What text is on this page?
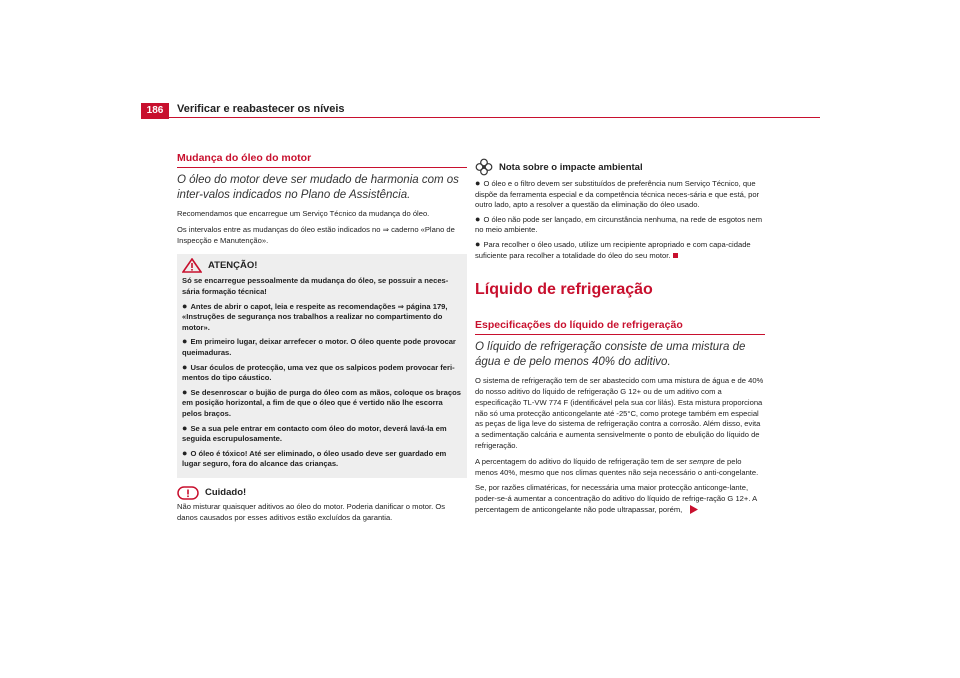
186	Verificar e reabastecer os níveis
Mudança do óleo do motor

O óleo do motor deve ser mudado de harmonia com os inter-valos indicados no Plano de Assistência.

Recomendamos que encarregue um Serviço Técnico da mudança do óleo.

Os intervalos entre as mudanças do óleo estão indicados no ⇒ caderno «Plano de Inspecção e Manutenção».

ATENÇÃO!

Só se encarregue pessoalmente da mudança do óleo, se possuir a neces-sária formação técnica!

● Antes de abrir o capot, leia e respeite as recomendações ⇒ página 179, «Instruções de segurança nos trabalhos a realizar no compartimento do motor».
● Em primeiro lugar, deixar arrefecer o motor. O óleo quente pode provocar queimaduras.
● Usar óculos de protecção, uma vez que os salpicos podem provocar feri-mentos do tipo cáustico.
● Se desenroscar o bujão de purga do óleo com as mãos, coloque os braços em posição horizontal, a fim de que o óleo que é vertido não lhe escorra pelos braços.
● Se a sua pele entrar em contacto com óleo do motor, deverá lavá-la em seguida escrupulosamente.
● O óleo é tóxico! Até ser eliminado, o óleo usado deve ser guardado em lugar seguro, fora do alcance das crianças.
Cuidado!

Não misturar quaisquer aditivos ao óleo do motor. Poderia danificar o motor. Os danos causados por esses aditivos estão excluídos da garantia.

Nota sobre o impacte ambiental
● O óleo e o filtro devem ser substituídos de preferência num Serviço Técnico, que dispõe da ferramenta especial e da competência técnica neces-sária e que está, por outro lado, apto a resolver a questão da eliminação do óleo usado.
● O óleo não pode ser lançado, em circunstância nenhuma, na rede de esgotos nem no meio ambiente.
● Para recolher o óleo usado, utilize um recipiente apropriado e com capa-cidade suficiente para recolher a totalidade do óleo do seu motor.
Líquido de refrigeração
Especificações do líquido de refrigeração

O líquido de refrigeração consiste de uma mistura de água e de pelo menos 40% do aditivo.

O sistema de refrigeração tem de ser abastecido com uma mistura de água e de 40% do nosso aditivo do líquido de refrigeração G 12+ ou de um aditivo com a especificação TL-VW 774 F (identificável pela sua cor lilás). Esta mistura proporciona não só uma protecção anticongelante até -25°C, como protege também em especial as peças de liga leve do sistema de refrigeração contra a corrosão. Além disso, evita a sedimentação calcária e aumenta sensivelmente o ponto de ebulição do líquido de refrigeração.

A percentagem do aditivo do líquido de refrigeração tem de ser sempre de pelo menos 40%, mesmo que nos climas quentes não seja necessário o anti-congelante.

Se, por razões climatéricas, for necessária uma maior protecção anticonge-lante, poder-se-á aumentar a concentração do aditivo do líquido de refrige-ração G 12+. A percentagem de anticongelante não pode ultrapassar, porém,
